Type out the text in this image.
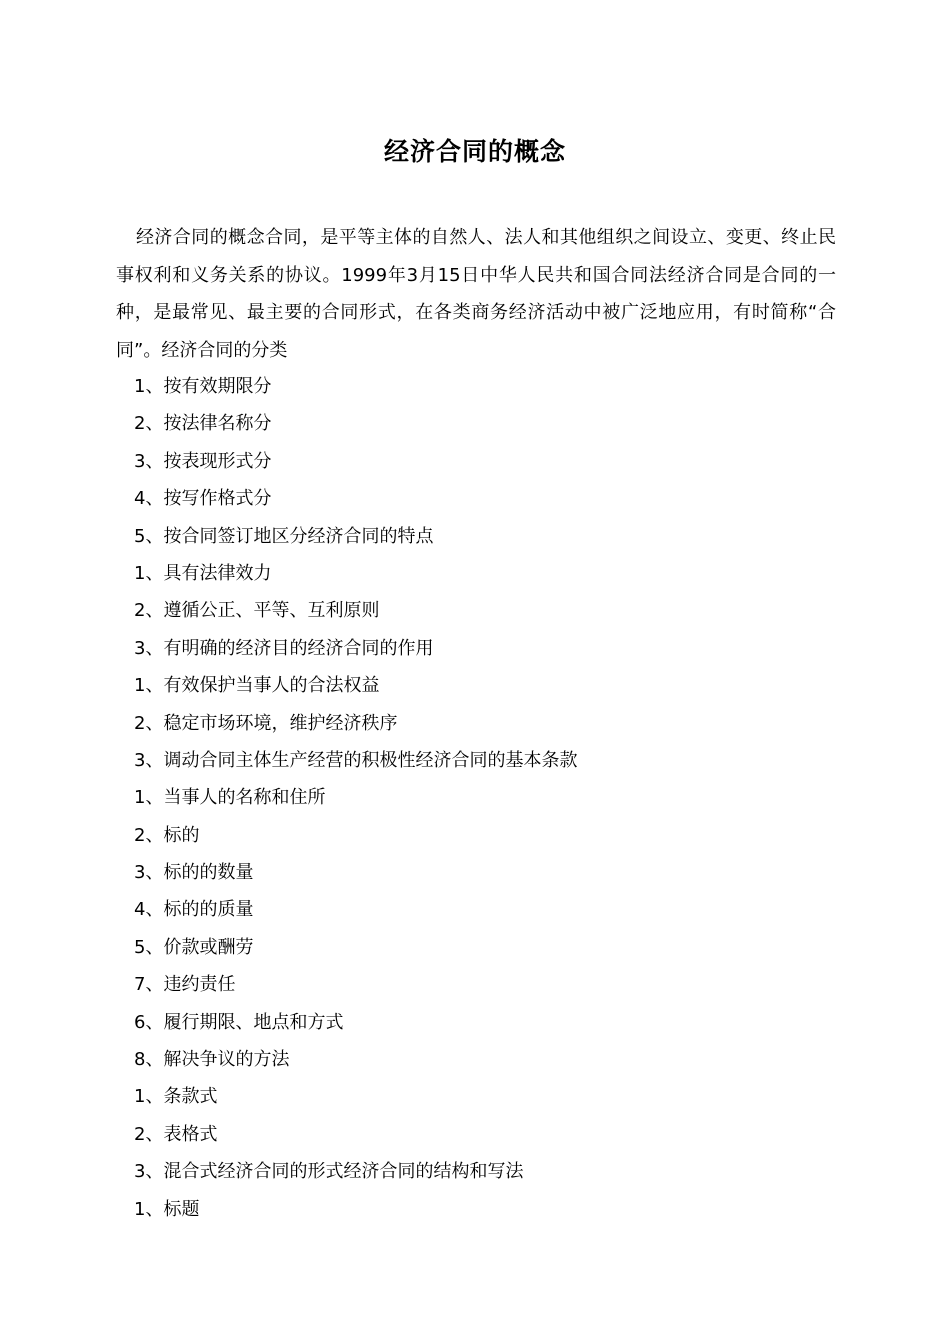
经济合同的概念

经济合同的概念合同，是平等主体的自然人、法人和其他组织之间设立、变更、终止民事权利和义务关系的协议。1999年3月15日中华人民共和国合同法经济合同是合同的一种，是最常见、最主要的合同形式，在各类商务经济活动中被广泛地应用，有时简称“合同”。经济合同的分类

1、按有效期限分
2、按法律名称分
3、按表现形式分
4、按写作格式分
5、按合同签订地区分经济合同的特点
1、具有法律效力
2、遵循公正、平等、互利原则
3、有明确的经济目的经济合同的作用
1、有效保护当事人的合法权益
2、稳定市场环境，维护经济秩序
3、调动合同主体生产经营的积极性经济合同的基本条款
1、当事人的名称和住所
2、标的
3、标的的数量
4、标的的质量
5、价款或酬劳
7、违约责任
6、履行期限、地点和方式
8、解决争议的方法
1、条款式
2、表格式
3、混合式经济合同的形式经济合同的结构和写法
1、标题
